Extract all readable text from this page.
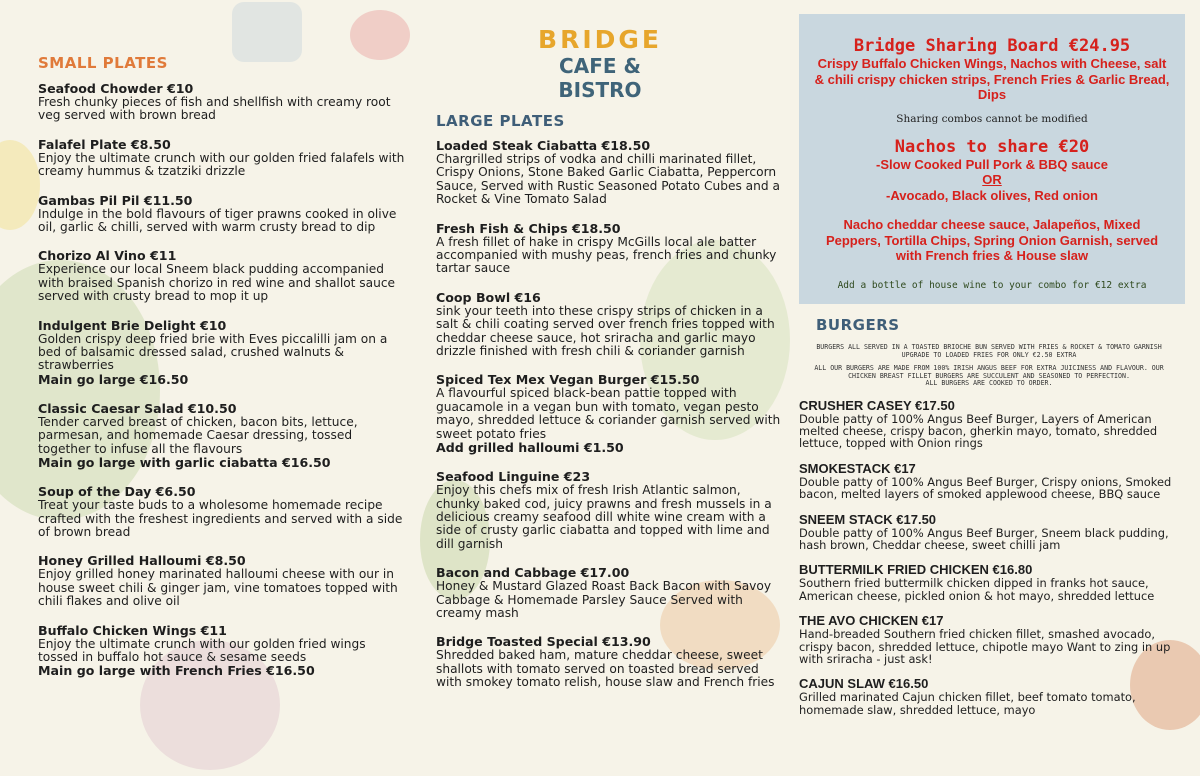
SMALL PLATES
Seafood Chowder €10
Fresh chunky pieces of fish and shellfish with creamy root veg served with brown bread
Falafel Plate €8.50
Enjoy the ultimate crunch with our golden fried falafels with creamy hummus & tzatziki drizzle
Gambas Pil Pil €11.50
Indulge in the bold flavours of tiger prawns cooked in olive oil, garlic & chilli, served with warm crusty bread to dip
Chorizo Al Vino €11
Experience our local Sneem black pudding accompanied with braised Spanish chorizo in red wine and shallot sauce served with crusty bread to mop it up
Indulgent Brie Delight €10
Golden crispy deep fried brie with Eves piccalilli jam on a bed of balsamic dressed salad, crushed walnuts & strawberries
Main go large €16.50
Classic Caesar Salad €10.50
Tender carved breast of chicken, bacon bits, lettuce, parmesan, and homemade Caesar dressing, tossed together to infuse all the flavours
Main go large with garlic ciabatta €16.50
Soup of the Day €6.50
Treat your taste buds to a wholesome homemade recipe crafted with the freshest ingredients and served with a side of brown bread
Honey Grilled Halloumi €8.50
Enjoy grilled honey marinated halloumi cheese with our in house sweet chili & ginger jam, vine tomatoes topped with chili flakes and olive oil
Buffalo Chicken Wings €11
Enjoy the ultimate crunch with our golden fried wings tossed in buffalo hot sauce & sesame seeds
Main go large with French Fries €16.50
BRIDGE
CAFE & BISTRO
LARGE PLATES
Loaded Steak Ciabatta €18.50
Chargrilled strips of vodka and chilli marinated fillet, Crispy Onions, Stone Baked Garlic Ciabatta, Peppercorn Sauce, Served with Rustic Seasoned Potato Cubes and a Rocket & Vine Tomato Salad
Fresh Fish & Chips €18.50
A fresh fillet of hake in crispy McGills local ale batter accompanied with mushy peas, french fries and chunky tartar sauce
Coop Bowl €16
sink your teeth into these crispy strips of chicken in a salt & chili coating served over french fries topped with cheddar cheese sauce, hot sriracha and garlic mayo drizzle finished with fresh chili & coriander garnish
Spiced Tex Mex Vegan Burger €15.50
A flavourful spiced black-bean pattie topped with guacamole in a vegan bun with tomato, vegan pesto mayo, shredded lettuce & coriander garnish served with sweet potato fries
Add grilled halloumi €1.50
Seafood Linguine €23
Enjoy this chefs mix of fresh Irish Atlantic salmon, chunky baked cod, juicy prawns and fresh mussels in a delicious creamy seafood dill white wine cream with a side of crusty garlic ciabatta and topped with lime and dill garnish
Bacon and Cabbage €17.00
Honey & Mustard Glazed Roast Back Bacon with Savoy Cabbage & Homemade Parsley Sauce Served with creamy mash
Bridge Toasted Special €13.90
Shredded baked ham, mature cheddar cheese, sweet shallots with tomato served on toasted bread served with smokey tomato relish, house slaw and French fries
Bridge Sharing Board €24.95
Crispy Buffalo Chicken Wings, Nachos with Cheese, salt & chili crispy chicken strips, French Fries & Garlic Bread, Dips
Sharing combos cannot be modified
Nachos to share €20
-Slow Cooked Pull Pork & BBQ sauce
OR
-Avocado, Black olives, Red onion
Nacho cheddar cheese sauce, Jalapeños, Mixed Peppers, Tortilla Chips, Spring Onion Garnish, served with French fries & House slaw
Add a bottle of house wine to your combo for €12 extra
BURGERS
BURGERS ALL SERVED IN A TOASTED BRIOCHE BUN SERVED WITH FRIES & ROCKET & TOMATO GARNISH
UPGRADE TO LOADED FRIES FOR ONLY €2.50 EXTRA
ALL OUR BURGERS ARE MADE FROM 100% IRISH ANGUS BEEF FOR EXTRA JUICINESS AND FLAVOUR. OUR CHICKEN BREAST FILLET BURGERS ARE SUCCULENT AND SEASONED TO PERFECTION.
ALL BURGERS ARE COOKED TO ORDER.
CRUSHER CASEY €17.50
Double patty of 100% Angus Beef Burger, Layers of American melted cheese, crispy bacon, gherkin mayo, tomato, shredded lettuce, topped with Onion rings
SMOKESTACK €17
Double patty of 100% Angus Beef Burger, Crispy onions, Smoked bacon, melted layers of smoked applewood cheese, BBQ sauce
SNEEM STACK €17.50
Double patty of 100% Angus Beef Burger, Sneem black pudding, hash brown, Cheddar cheese, sweet chilli jam
BUTTERMILK FRIED CHICKEN €16.80
Southern fried buttermilk chicken dipped in franks hot sauce, American cheese, pickled onion & hot mayo, shredded lettuce
THE AVO CHICKEN €17
Hand-breaded Southern fried chicken fillet, smashed avocado, crispy bacon, shredded lettuce, chipotle mayo Want to zing in up with sriracha - just ask!
CAJUN SLAW €16.50
Grilled marinated Cajun chicken fillet, beef tomato tomato, homemade slaw, shredded lettuce, mayo
